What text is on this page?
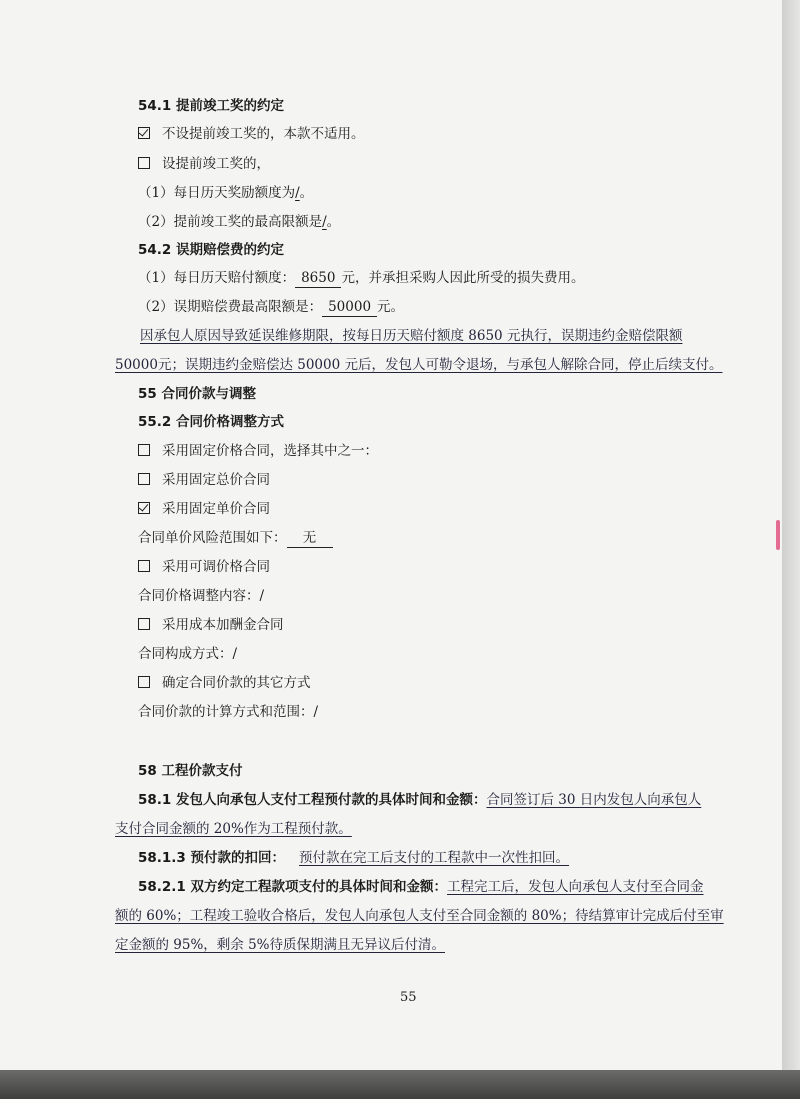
54.1 提前竣工奖的约定
不设提前竣工奖的，本款不适用。
设提前竣工奖的，
（1）每日历天奖励额度为/。
（2）提前竣工奖的最高限额是/。
54.2 误期赔偿费的约定
（1）每日历天赔付额度： 8650 元，并承担采购人因此所受的损失费用。
（2）误期赔偿费最高限额是： 50000 元。
因承包人原因导致延误维修期限，按每日历天赔付额度 8650 元执行，误期违约金赔偿限额
50000元；误期违约金赔偿达 50000 元后，发包人可勒令退场，与承包人解除合同，停止后续支付。
55 合同价款与调整
55.2 合同价格调整方式
采用固定价格合同，选择其中之一：
采用固定总价合同
采用固定单价合同
合同单价风险范围如下： 无
采用可调价格合同
合同价格调整内容：/
采用成本加酬金合同
合同构成方式：/
确定合同价款的其它方式
合同价款的计算方式和范围：/
58 工程价款支付
58.1 发包人向承包人支付工程预付款的具体时间和金额：合同签订后 30 日内发包人向承包人
支付合同金额的 20%作为工程预付款。
58.1.3 预付款的扣回： 预付款在完工后支付的工程款中一次性扣回。
58.2.1 双方约定工程款项支付的具体时间和金额：工程完工后，发包人向承包人支付至合同金
额的 60%；工程竣工验收合格后，发包人向承包人支付至合同金额的 80%；待结算审计完成后付至审
定金额的 95%，剩余 5%待质保期满且无异议后付清。
55
